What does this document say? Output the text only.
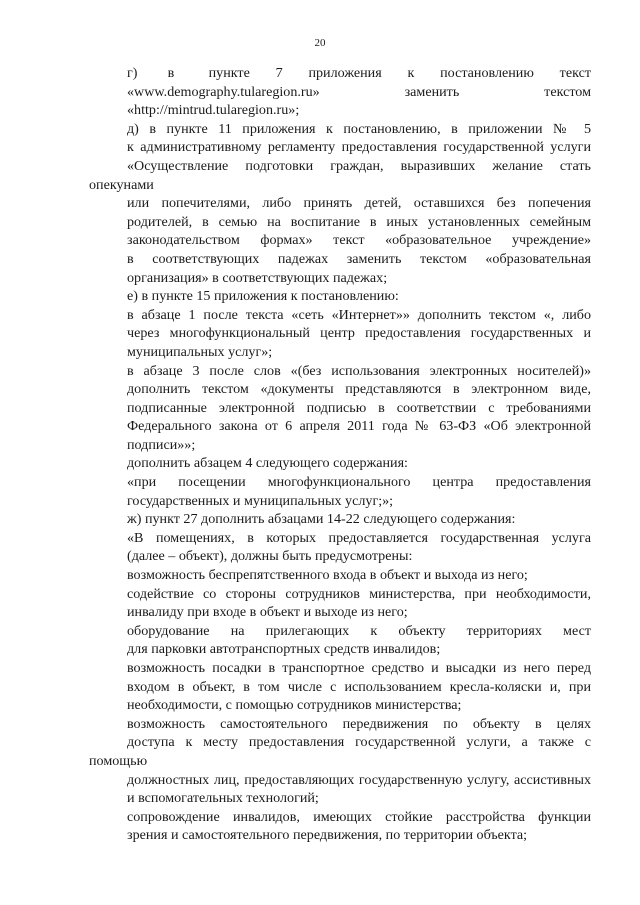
20
г)       в        пункте      7      приложения      к      постановлению      текст
«www.demography.tularegion.ru» заменить текстом
«http://mintrud.tularegion.ru»;
д) в пункте 11 приложения к постановлению, в приложении № 5
к административному регламенту предоставления государственной услуги
«Осуществление подготовки граждан, выразивших желание стать опекунами
или попечителями, либо принять детей, оставшихся без попечения
родителей, в семью на воспитание в иных установленных семейным
законодательством формах» текст «образовательное учреждение»
в соответствующих падежах заменить текстом «образовательная
организация» в соответствующих падежах;
е) в пункте 15 приложения к постановлению:
в абзаце 1 после текста «сеть «Интернет»» дополнить текстом «, либо
через многофункциональный центр предоставления государственных и
муниципальных услуг»;
в абзаце 3 после слов «(без использования электронных носителей)»
дополнить текстом «документы представляются в электронном виде,
подписанные электронной подписью в соответствии с требованиями
Федерального закона от 6 апреля 2011 года № 63-ФЗ «Об электронной
подписи»»;
дополнить абзацем 4 следующего содержания:
«при посещении многофункционального центра предоставления
государственных и муниципальных услуг;»;
ж) пункт 27 дополнить абзацами 14-22 следующего содержания:
«В помещениях, в которых предоставляется государственная услуга
(далее – объект), должны быть предусмотрены:
возможность беспрепятственного входа в объект и выхода из него;
содействие со стороны сотрудников министерства, при необходимости,
инвалиду при входе в объект и выходе из него;
оборудование на прилегающих к объекту территориях мест
для парковки автотранспортных средств инвалидов;
возможность посадки в транспортное средство и высадки из него перед
входом в объект, в том числе с использованием кресла-коляски и, при
необходимости, с помощью сотрудников министерства;
возможность самостоятельного передвижения по объекту в целях
доступа к месту предоставления государственной услуги, а также с помощью
должностных лиц, предоставляющих государственную услугу, ассистивных
и вспомогательных технологий;
сопровождение инвалидов, имеющих стойкие расстройства функции
зрения и самостоятельного передвижения, по территории объекта;
